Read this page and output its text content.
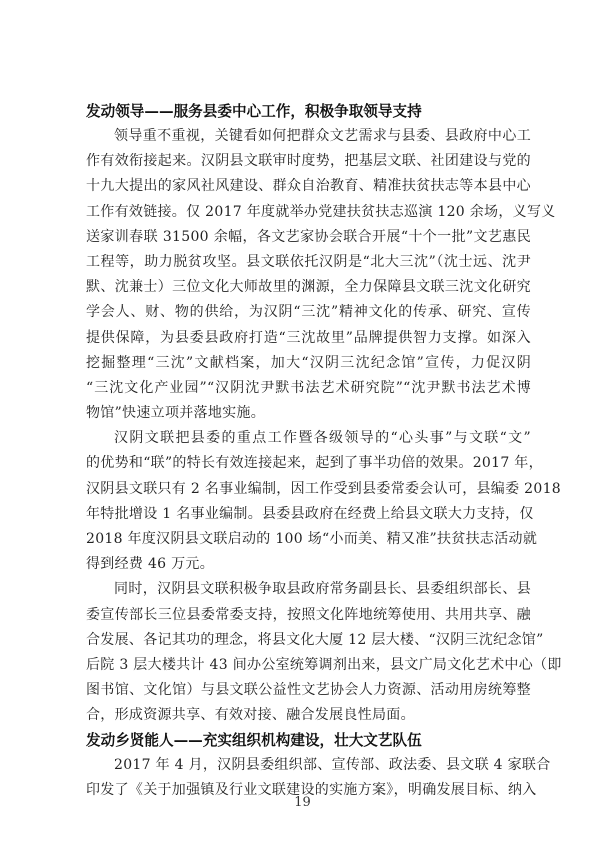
发动领导——服务县委中心工作，积极争取领导支持
领导重不重视，关键看如何把群众文艺需求与县委、县政府中心工
作有效衔接起来。汉阴县文联审时度势，把基层文联、社团建设与党的
十九大提出的家风社风建设、群众自治教育、精准扶贫扶志等本县中心
工作有效链接。仅 2017 年度就举办党建扶贫扶志巡演 120 余场，义写义
送家训春联 31500 余幅，各文艺家协会联合开展“十个一批”文艺惠民
工程等，助力脱贫攻坚。县文联依托汉阴是“北大三沈”（沈士远、沈尹
默、沈兼士）三位文化大师故里的渊源，全力保障县文联三沈文化研究
学会人、财、物的供给，为汉阴“三沈”精神文化的传承、研究、宣传
提供保障，为县委县政府打造“三沈故里”品牌提供智力支撑。如深入
挖掘整理“三沈”文献档案，加大“汉阴三沈纪念馆”宣传，力促汉阴
“三沈文化产业园”“汉阴沈尹默书法艺术研究院”“沈尹默书法艺术博
物馆”快速立项并落地实施。
汉阴文联把县委的重点工作暨各级领导的“心头事”与文联“文”
的优势和“联”的特长有效连接起来，起到了事半功倍的效果。2017 年，
汉阴县文联只有 2 名事业编制，因工作受到县委常委会认可，县编委 2018
年特批增设 1 名事业编制。县委县政府在经费上给县文联大力支持，仅
2018 年度汉阴县文联启动的 100 场“小而美、精又准”扶贫扶志活动就
得到经费 46 万元。
同时，汉阴县文联积极争取县政府常务副县长、县委组织部长、县
委宣传部长三位县委常委支持，按照文化阵地统筹使用、共用共享、融
合发展、各记其功的理念，将县文化大厦 12 层大楼、“汉阴三沈纪念馆”
后院 3 层大楼共计 43 间办公室统筹调剂出来，县文广局文化艺术中心（即
图书馆、文化馆）与县文联公益性文艺协会人力资源、活动用房统筹整
合，形成资源共享、有效对接、融合发展良性局面。
发动乡贤能人——充实组织机构建设，壮大文艺队伍
2017 年 4 月，汉阴县委组织部、宣传部、政法委、县文联 4 家联合
印发了《关于加强镇及行业文联建设的实施方案》，明确发展目标、纳入
19
